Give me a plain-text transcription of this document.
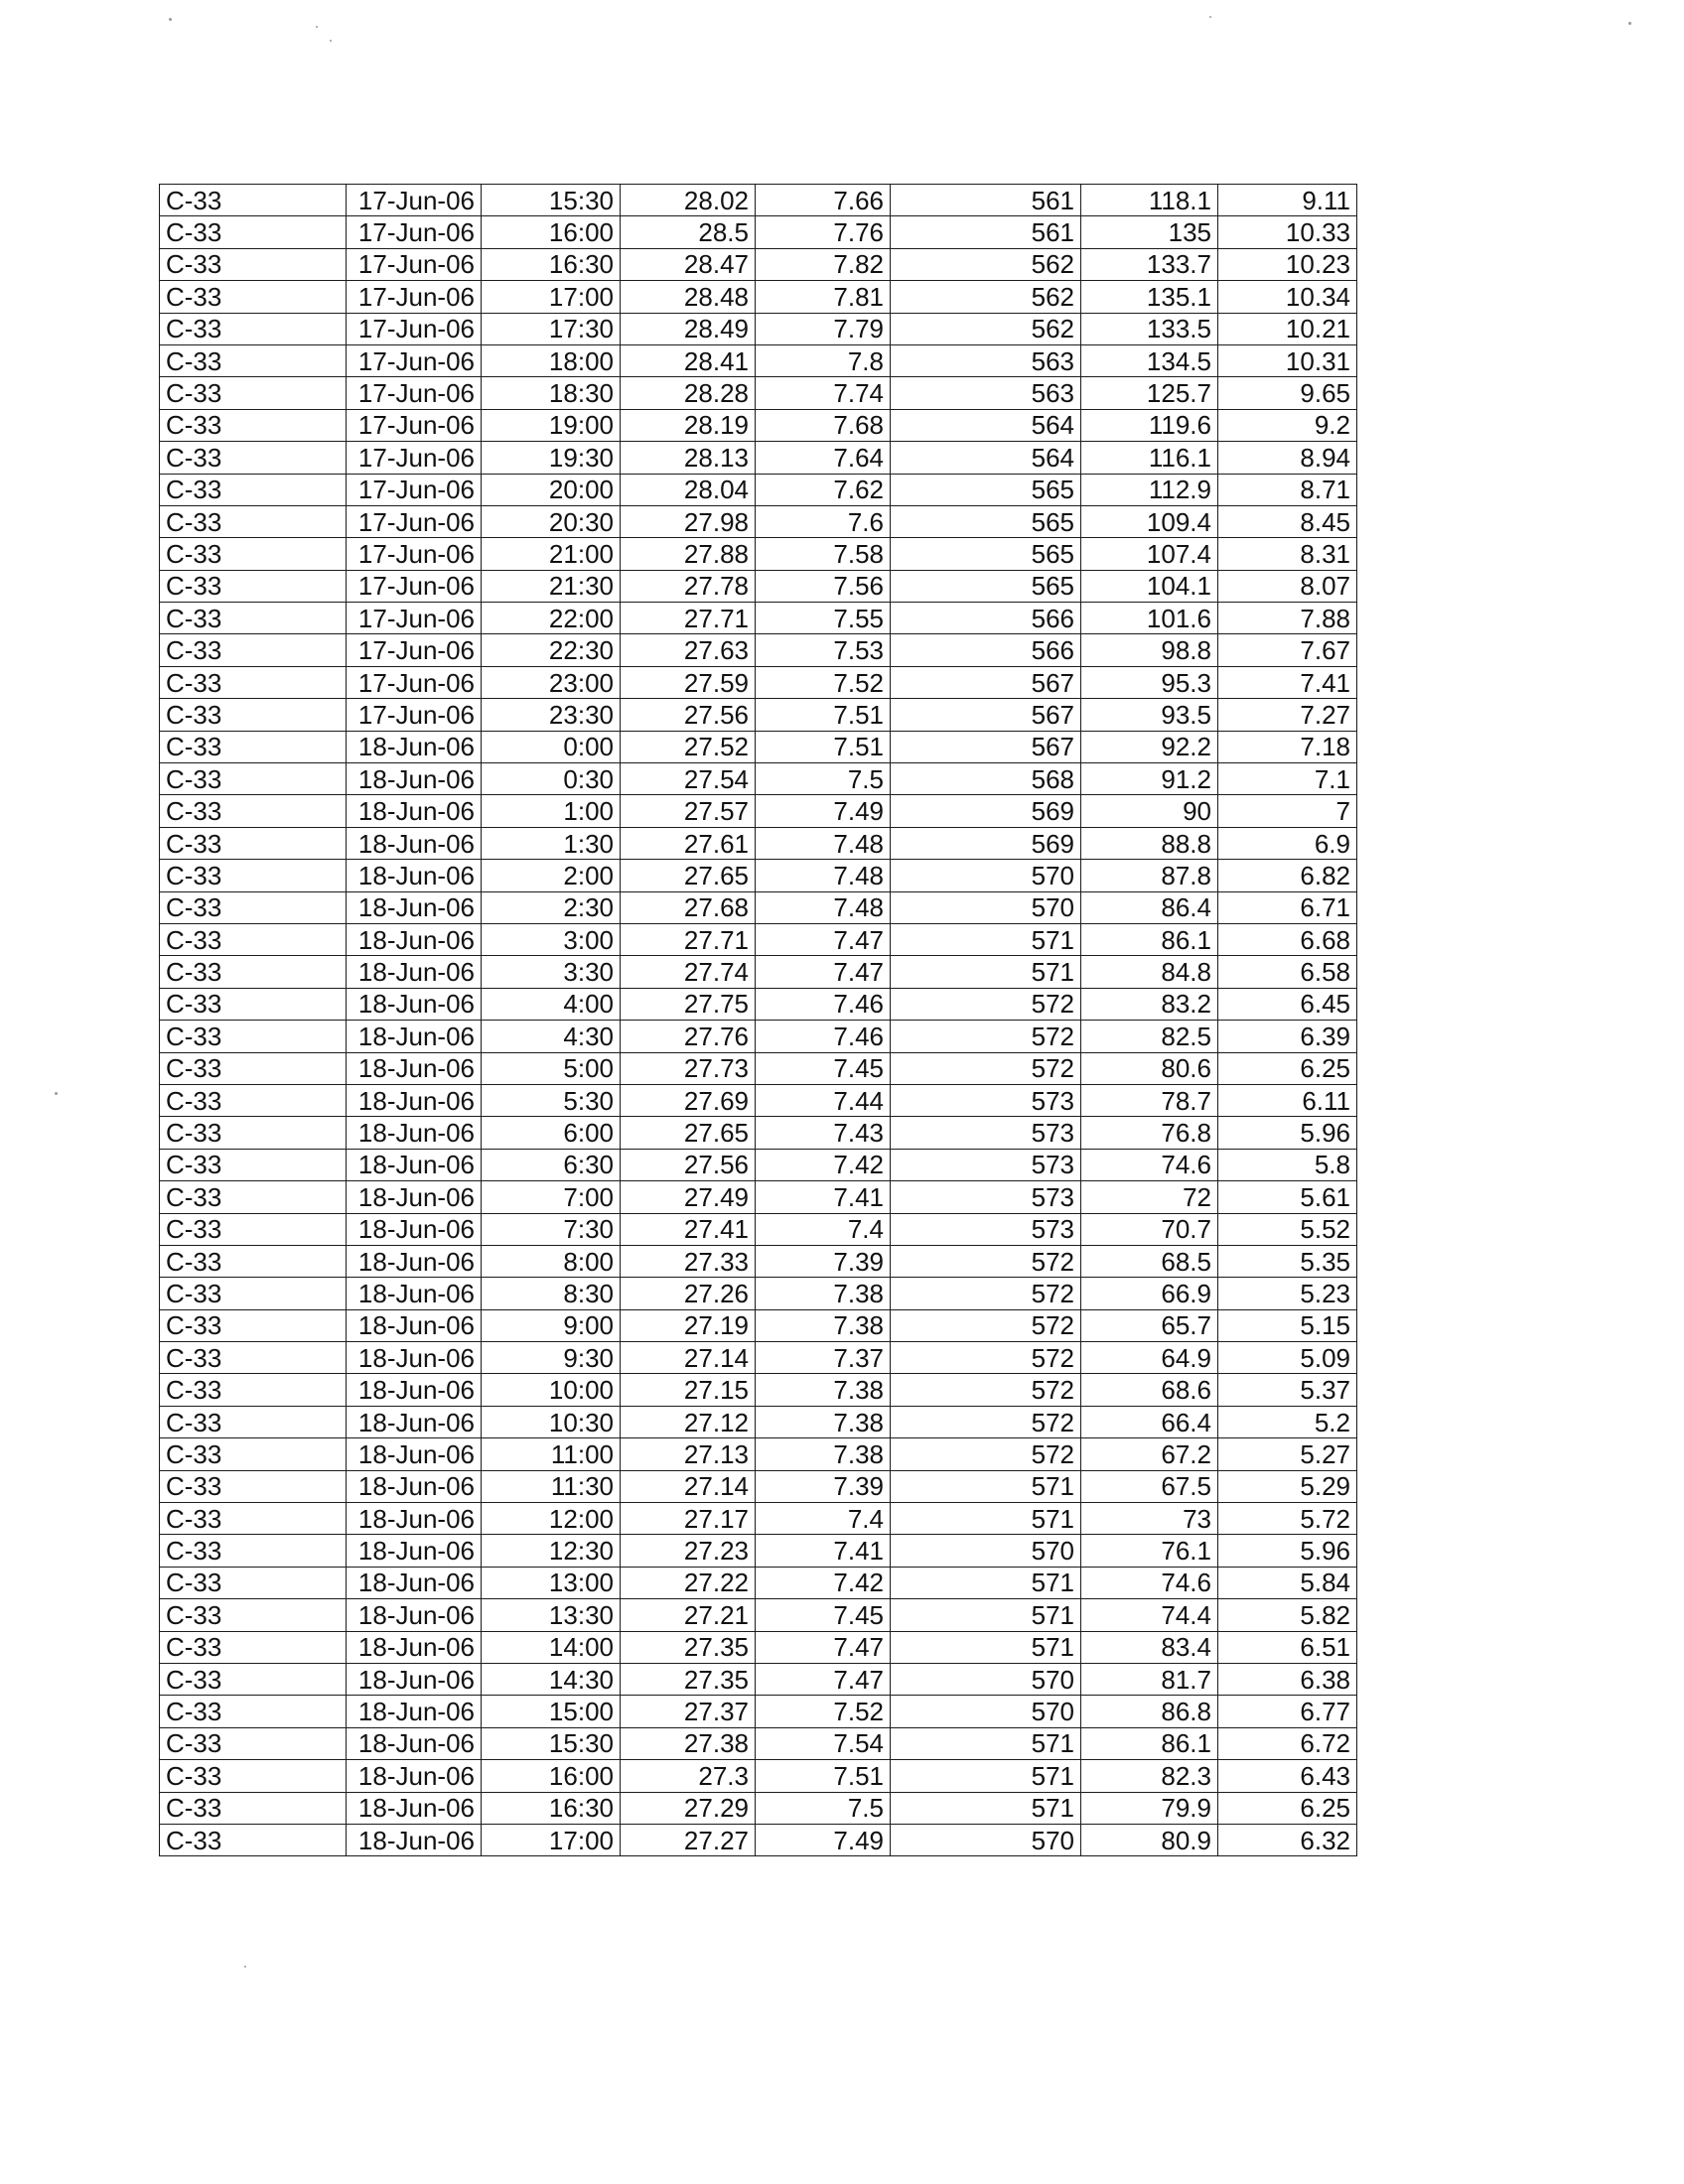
C-33	17-Jun-06	15:30	28.02	7.66	561	118.1	9.11
C-33	17-Jun-06	16:00	28.5	7.76	561	135	10.33
C-33	17-Jun-06	16:30	28.47	7.82	562	133.7	10.23
C-33	17-Jun-06	17:00	28.48	7.81	562	135.1	10.34
C-33	17-Jun-06	17:30	28.49	7.79	562	133.5	10.21
C-33	17-Jun-06	18:00	28.41	7.8	563	134.5	10.31
C-33	17-Jun-06	18:30	28.28	7.74	563	125.7	9.65
C-33	17-Jun-06	19:00	28.19	7.68	564	119.6	9.2
C-33	17-Jun-06	19:30	28.13	7.64	564	116.1	8.94
C-33	17-Jun-06	20:00	28.04	7.62	565	112.9	8.71
C-33	17-Jun-06	20:30	27.98	7.6	565	109.4	8.45
C-33	17-Jun-06	21:00	27.88	7.58	565	107.4	8.31
C-33	17-Jun-06	21:30	27.78	7.56	565	104.1	8.07
C-33	17-Jun-06	22:00	27.71	7.55	566	101.6	7.88
C-33	17-Jun-06	22:30	27.63	7.53	566	98.8	7.67
C-33	17-Jun-06	23:00	27.59	7.52	567	95.3	7.41
C-33	17-Jun-06	23:30	27.56	7.51	567	93.5	7.27
C-33	18-Jun-06	0:00	27.52	7.51	567	92.2	7.18
C-33	18-Jun-06	0:30	27.54	7.5	568	91.2	7.1
C-33	18-Jun-06	1:00	27.57	7.49	569	90	7
C-33	18-Jun-06	1:30	27.61	7.48	569	88.8	6.9
C-33	18-Jun-06	2:00	27.65	7.48	570	87.8	6.82
C-33	18-Jun-06	2:30	27.68	7.48	570	86.4	6.71
C-33	18-Jun-06	3:00	27.71	7.47	571	86.1	6.68
C-33	18-Jun-06	3:30	27.74	7.47	571	84.8	6.58
C-33	18-Jun-06	4:00	27.75	7.46	572	83.2	6.45
C-33	18-Jun-06	4:30	27.76	7.46	572	82.5	6.39
C-33	18-Jun-06	5:00	27.73	7.45	572	80.6	6.25
C-33	18-Jun-06	5:30	27.69	7.44	573	78.7	6.11
C-33	18-Jun-06	6:00	27.65	7.43	573	76.8	5.96
C-33	18-Jun-06	6:30	27.56	7.42	573	74.6	5.8
C-33	18-Jun-06	7:00	27.49	7.41	573	72	5.61
C-33	18-Jun-06	7:30	27.41	7.4	573	70.7	5.52
C-33	18-Jun-06	8:00	27.33	7.39	572	68.5	5.35
C-33	18-Jun-06	8:30	27.26	7.38	572	66.9	5.23
C-33	18-Jun-06	9:00	27.19	7.38	572	65.7	5.15
C-33	18-Jun-06	9:30	27.14	7.37	572	64.9	5.09
C-33	18-Jun-06	10:00	27.15	7.38	572	68.6	5.37
C-33	18-Jun-06	10:30	27.12	7.38	572	66.4	5.2
C-33	18-Jun-06	11:00	27.13	7.38	572	67.2	5.27
C-33	18-Jun-06	11:30	27.14	7.39	571	67.5	5.29
C-33	18-Jun-06	12:00	27.17	7.4	571	73	5.72
C-33	18-Jun-06	12:30	27.23	7.41	570	76.1	5.96
C-33	18-Jun-06	13:00	27.22	7.42	571	74.6	5.84
C-33	18-Jun-06	13:30	27.21	7.45	571	74.4	5.82
C-33	18-Jun-06	14:00	27.35	7.47	571	83.4	6.51
C-33	18-Jun-06	14:30	27.35	7.47	570	81.7	6.38
C-33	18-Jun-06	15:00	27.37	7.52	570	86.8	6.77
C-33	18-Jun-06	15:30	27.38	7.54	571	86.1	6.72
C-33	18-Jun-06	16:00	27.3	7.51	571	82.3	6.43
C-33	18-Jun-06	16:30	27.29	7.5	571	79.9	6.25
C-33	18-Jun-06	17:00	27.27	7.49	570	80.9	6.32
